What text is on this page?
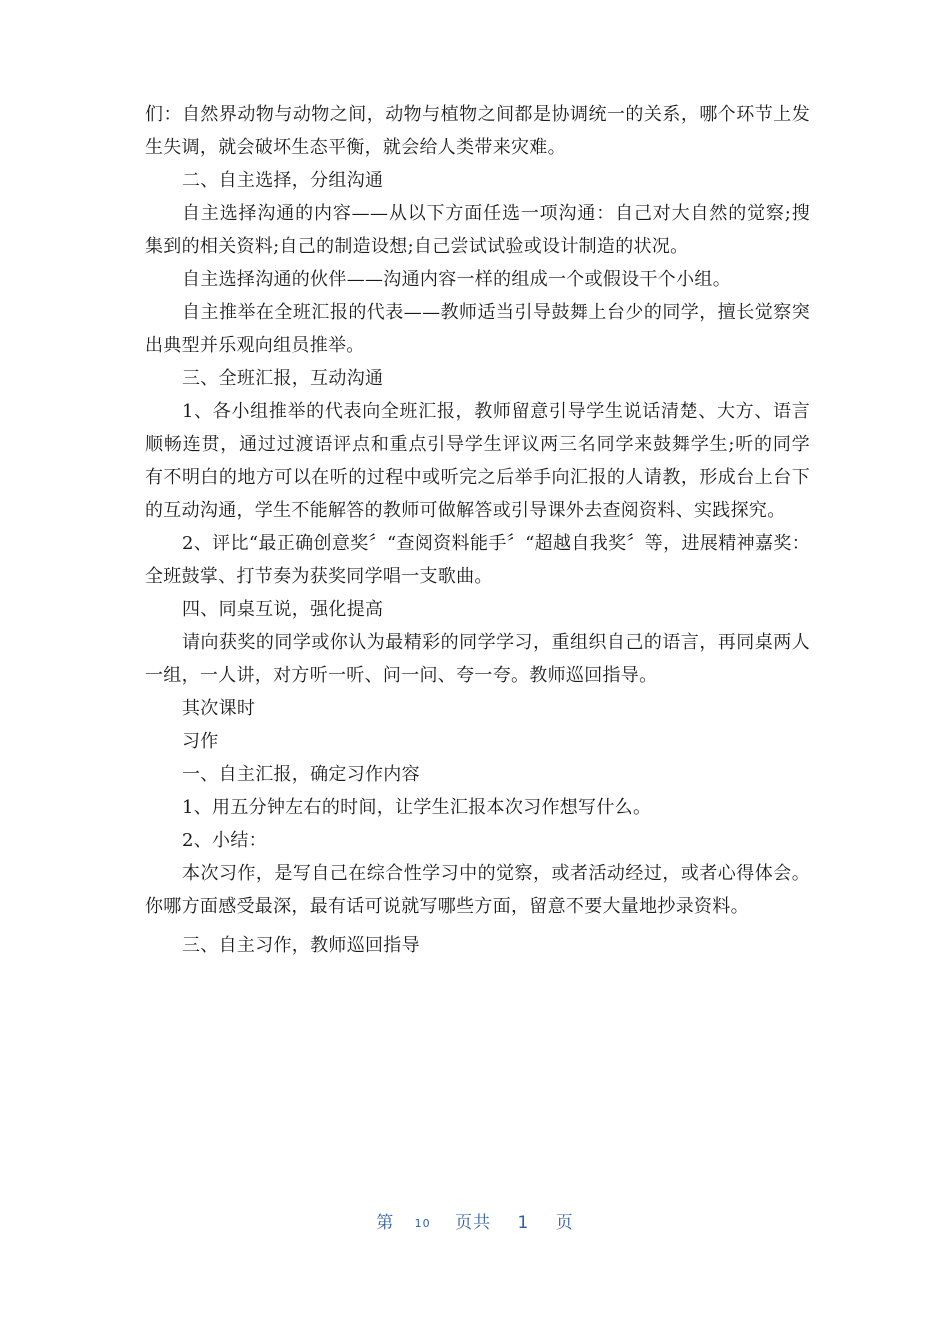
们：自然界动物与动物之间，动物与植物之间都是协调统一的关系，哪个环节上发生失调，就会破坏生态平衡，就会给人类带来灾难。

二、自主选择，分组沟通

自主选择沟通的内容——从以下方面任选一项沟通：自己对大自然的觉察;搜集到的相关资料;自己的制造设想;自己尝试试验或设计制造的状况。

自主选择沟通的伙伴——沟通内容一样的组成一个或假设干个小组。

自主推举在全班汇报的代表——教师适当引导鼓舞上台少的同学，擅长觉察突出典型并乐观向组员推举。

三、全班汇报，互动沟通

1、各小组推举的代表向全班汇报，教师留意引导学生说话清楚、大方、语言顺畅连贯，通过过渡语评点和重点引导学生评议两三名同学来鼓舞学生;听的同学有不明白的地方可以在听的过程中或听完之后举手向汇报的人请教，形成台上台下的互动沟通，学生不能解答的教师可做解答或引导课外去查阅资料、实践探究。

2、评比“最正确创意奖〞“查阅资料能手〞“超越自我奖〞等，进展精神嘉奖：全班鼓掌、打节奏为获奖同学唱一支歌曲。

四、同桌互说，强化提高

请向获奖的同学或你认为最精彩的同学学习，重组织自己的语言，再同桌两人一组，一人讲，对方听一听、问一问、夸一夸。教师巡回指导。

其次课时

习作

一、自主汇报，确定习作内容

1、用五分钟左右的时间，让学生汇报本次习作想写什么。

2、小结：

本次习作，是写自己在综合性学习中的觉察，或者活动经过，或者心得体会。你哪方面感受最深，最有话可说就写哪些方面，留意不要大量地抄录资料。

三、自主习作，教师巡回指导

第 10 页共 1 页
